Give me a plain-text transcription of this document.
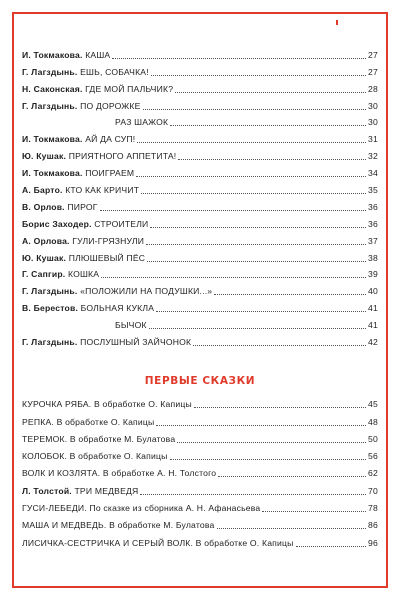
И. Токмакова. КАША	27
Г. Лагздынь. ЕШЬ, СОБАЧКА!	27
Н. Саконская. ГДЕ МОЙ ПАЛЬЧИК?	28
Г. Лагздынь. ПО ДОРОЖКЕ	30
РАЗ ШАЖОК	30
И. Токмакова. АЙ ДА СУП!	31
Ю. Кушак. ПРИЯТНОГО АППЕТИТА!	32
И. Токмакова. ПОИГРАЕМ	34
А. Барто. КТО КАК КРИЧИТ	35
В. Орлов. ПИРОГ	36
Борис Заходер. СТРОИТЕЛИ	36
А. Орлова. ГУЛИ-ГРЯЗНУЛИ	37
Ю. Кушак. ПЛЮШЕВЫЙ ПЁС	38
Г. Сапгир. КОШКА	39
Г. Лагздынь. «ПОЛОЖИЛИ НА ПОДУШКИ...»	40
В. Берестов. БОЛЬНАЯ КУКЛА	41
БЫЧОК	41
Г. Лагздынь. ПОСЛУШНЫЙ ЗАЙЧОНОК	42
ПЕРВЫЕ СКАЗКИ
КУРОЧКА РЯБА. В обработке О. Капицы	45
РЕПКА. В обработке О. Капицы	48
ТЕРЕМОК. В обработке М. Булатова	50
КОЛОБОК. В обработке О. Капицы	56
ВОЛК И КОЗЛЯТА. В обработке А. Н. Толстого	62
Л. Толстой. ТРИ МЕДВЕДЯ	70
ГУСИ-ЛЕБЕДИ. По сказке из сборника А. Н. Афанасьева	78
МАША И МЕДВЕДЬ. В обработке М. Булатова	86
ЛИСИЧКА-СЕСТРИЧКА И СЕРЫЙ ВОЛК. В обработке О. Капицы	96
